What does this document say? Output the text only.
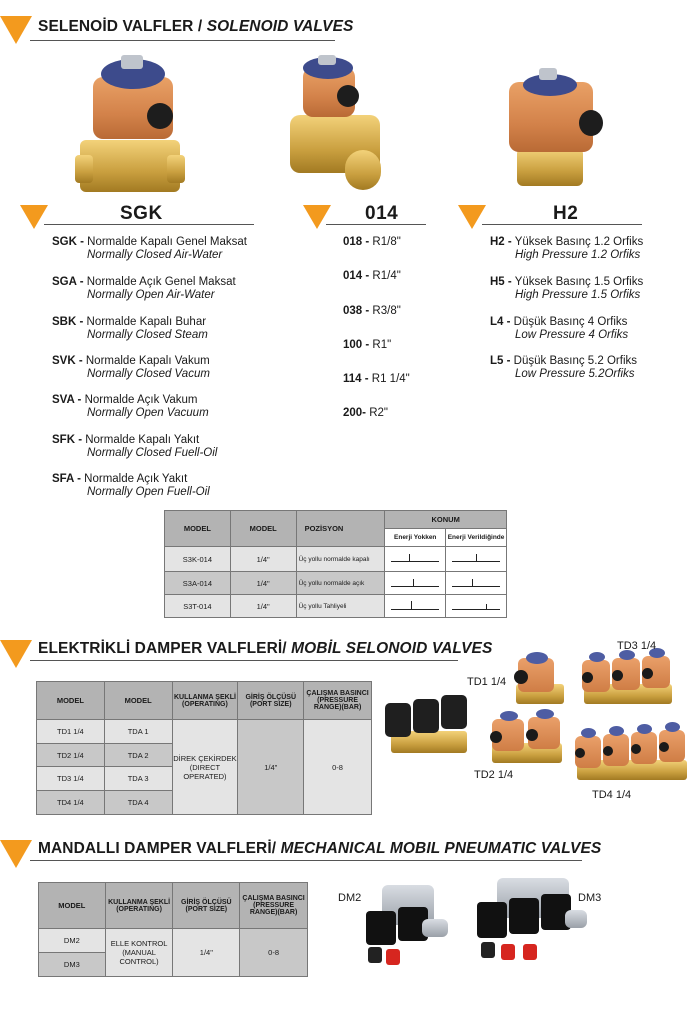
SELENOİD VALFLER / SOLENOID VALVES
SGK	014	H2
SGK - Normalde Kapalı Genel Maksat
Normally Closed Air-Water
SGA - Normalde Açık Genel Maksat
Normally Open Air-Water
SBK - Normalde Kapalı Buhar
Normally Closed Steam
SVK - Normalde Kapalı Vakum
Normally Closed Vacum
SVA - Normalde Açık Vakum
Normally Open Vacuum
SFK - Normalde Kapalı Yakıt
Normally Closed Fuell-Oil
SFA - Normalde Açık Yakıt
Normally Open Fuell-Oil
018 - R1/8"
014 - R1/4"
038 - R3/8"
100 - R1"
114 - R1 1/4"
200- R2"
H2 - Yüksek Basınç 1.2 Orfiks
High Pressure 1.2 Orfiks
H5 - Yüksek Basınç 1.5 Orfiks
High Pressure 1.5 Orfiks
L4 - Düşük Basınç 4 Orfiks
Low Pressure 4 Orfiks
L5 - Düşük Basınç 5.2 Orfiks
Low Pressure 5.2Orfiks
MODEL	MODEL	POZİSYON	KONUM	
			Enerji Yokken	Enerji Verildiğinde
S3K-014	1/4"	Üç yollu normalde kapalı	

S3A-014	1/4"	Üç yollu normalde açık	

S3T-014	1/4"	Üç yollu Tahliyeli	

ELEKTRİKLİ DAMPER VALFLERİ/ MOBİL SELONOID VALVES
MODEL	MODEL	KULLANMA ŞEKLİ (OPERATING)	GİRİŞ ÖLÇÜSÜ (PORT SIZE)	ÇALIŞMA BASINCI (PRESSURE RANGE)(BAR)
TD1 1/4	TDA 1	DİREK ÇEKİRDEK (DIRECT OPERATED)	1/4"	0-8
TD2 1/4	TDA 2			
TD3 1/4	TDA 3			
TD4 1/4	TDA 4			
TD1 1/4
TD3 1/4
TD2 1/4
TD4 1/4
MANDALLI DAMPER VALFLERİ/ MECHANICAL MOBIL PNEUMATIC VALVES
MODEL	KULLANMA ŞEKLİ (OPERATING)	GİRİŞ ÖLÇÜSÜ (PORT SIZE)	ÇALIŞMA BASINCI (PRESSURE RANGE)(BAR)
DM2	ELLE KONTROL (MANUAL CONTROL)	1/4"	0-8
DM3			
DM2	DM3
